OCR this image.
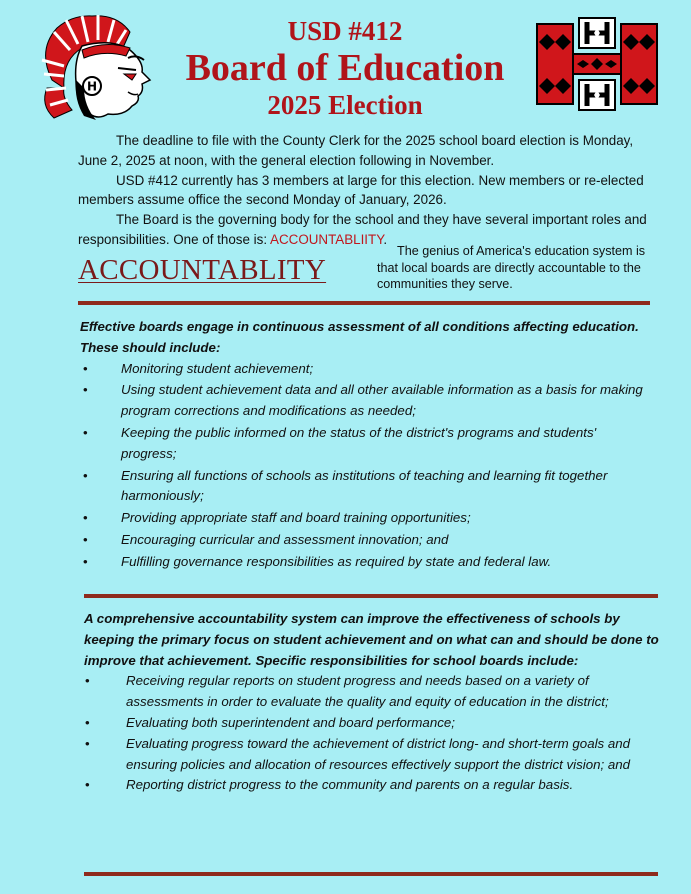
H
USD #412
Board of Education
2025 Election

The deadline to file with the County Clerk for the 2025 school board election is Monday, June 2, 2025 at noon, with the general election following in November.

USD #412 currently has 3 members at large for this election. New members or re-elected members assume office the second Monday of January, 2026.

The Board is the governing body for the school and they have several important roles and responsibilities. One of those is: ACCOUNTABLIITY.

ACCOUNTABLITY
The genius of America's education system is that local boards are directly accountable to the communities they serve.
Effective boards engage in continuous assessment of all conditions affecting education. These should include:
•	Monitoring student achievement;
•	Using student achievement data and all other available information as a basis for making program corrections and modifications as needed;
•	Keeping the public informed on the status of the district's programs and students' progress;
•	Ensuring all functions of schools as institutions of teaching and learning fit together harmoniously;
•	Providing appropriate staff and board training opportunities;
•	Encouraging curricular and assessment innovation; and
•	Fulfilling governance responsibilities as required by state and federal law.
A comprehensive accountability system can improve the effectiveness of schools by keeping the primary focus on student achievement and on what can and should be done to improve that achievement. Specific responsibilities for school boards include:
•	Receiving regular reports on student progress and needs based on a variety of assessments in order to evaluate the quality and equity of education in the district;
•	Evaluating both superintendent and board performance;
•	Evaluating progress toward the achievement of district long- and short-term goals and ensuring policies and allocation of resources effectively support the district vision; and
•	Reporting district progress to the community and parents on a regular basis.
